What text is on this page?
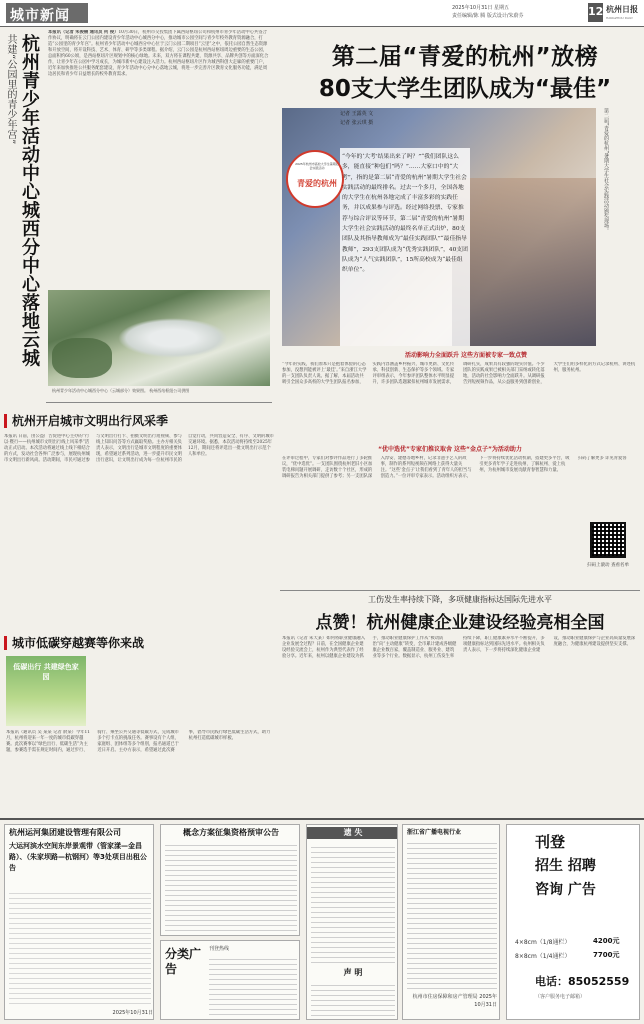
城市新闻	2025年10月31日 星期五
责任编辑/陈 腾 版式设计/朱蔚芬	12 杭州日报
HANGZHOU DAILY
共建“公园里的青少年宫” 杭州青少年活动中心城西分中心落地云城
本报讯（记者 朱俊楠 通讯员 何 俊）10月30日，杭州市交投集团下属西站枢纽公司和杭州市青少年活动中心共签合作协议，明确将在云门公园内建设青少年活动中心城西分中心，推动城市公园空间与青少年校外教育资源融合，打造“公园里的青少年宫”。杭州青少年活动中心城西分中心位于云门公园二期项目“云里”之中，依托公园自然生态资源和开放空间，将开设科技、艺术、体育、研学等多类课程。据介绍，云门公园是杭州西站枢纽周边重要的生态公园，总面积约60公顷，是西站枢纽片区规划中的核心绿地。未来，双方将在课程共建、资源共享、品牌共创等方面深化合作，让青少年在公园中学习成长，为城市新中心建设注入活力。杭州西站枢纽片区作为城西科创大走廊的重要门户，近年来加快推进公共服务配套建设，青少年活动中心分中心落地云城，将进一步完善片区教育文化服务功能，满足周边居民和青少年日益增长的校外教育需求。
杭州青少年活动中心城西分中心（云城部分）效果图。 杭州西站枢纽公司供图
第二届“青爱的杭州”放榜
80支大学生团队成为“最佳”
2025年杭州市高校大学生暑期社会实践活动
青爱的杭州
记者 王露英 文
记者 张云琪 摄
“今年的‘大考’结果出来了吗？”“我们团队这么多，能直接“种包们”吗？”……大家口中的“大考”，指的是第二届“青爱的杭州”暑期大学生社会实践活动的最终排名。过去一个多月，全国各地的大学生在杭州各地完成了丰富多彩的实践任务，并以成果参与评选。经过网络投票、专家推荐与综合评议等环节，第二届“青爱的杭州”暑期大学生社会实践活动的最终名单正式出炉，80支团队及其指导教师成为“最佳实践团队”“最佳指导教师”，293支团队成为“优秀实践团队”，40支团队成为“人气实践团队”，15所高校成为“最佳组织单位”。
第二届“青爱的杭州”暑期大学生社会实践活动颁奖现场。
活动影响力全面跃升 这些方面被专家一致点赞
“今年的实践，我们原本只是抱着体验的心态参加，没想到能被评上‘最佳’。”来自浙江大学的一支团队负责人说。据了解，本届活动共吸引全国众多高校的大学生团队报名参加，实践内容涵盖乡村振兴、城市更新、文化传承、科技创新、生态保护等多个领域。专家评审组表示，今年参评团队整体水平明显提升，许多团队选题紧扣杭州城市发展需求，调研扎实，成果具有较强的现实价值。不少团队的实践成果已被相关部门采纳或转化落地，活动的社会影响力全面跃升。从调研报告到短视频作品，从公益服务到创新创业，大学生们用多样化的方式记录杭州、讲述杭州、服务杭州。
“优中选优”专家们推议取舍 这些“金点子”为活动助力
在评审过程中，专家们对参评作品进行了多轮推议，“优中选优”。一支团队围绕杭州老旧小区加装电梯问题开展调研，走访数十个社区，形成的调研报告为相关部门提供了参考；另一支团队深入淳安、建德等地乡村，记录非遗手艺人的故事，制作的系列短视频在网络上获得大量关注。“这些‘金点子’让我们看到了青年人的担当与创造力。”一位评审专家表示。活动组织方表示，下一步将持续优化活动机制，搭建更多平台，吸引更多青年学子走进杭州、了解杭州、爱上杭州，为杭州城市发展贡献青春智慧和力量。
扫码上滚动 查看名单
扫码了解更多 详见青爱客
杭州开启城市文明出行风采季
本报讯 日前，由公益广告促进中心主办的“行以·暨行——杭州城市文明出行线上风采季”活动正式启动。本次活动将通过线上线下相结合的方式，发动社会各界广泛参与，展现杭州城市文明出行新风尚。活动期间，市民可通过参与文明出行打卡、拍摄文明出行短视频、参与线上知识问答等方式赢取奖励。主办方相关负责人表示，文明出行是城市文明程度的重要体现，希望通过系列活动，进一步提升市民文明出行意识，让文明出行成为每一位杭州市民的自觉行动，共同营造安全、有序、文明的城市交通环境。据悉，本次活动将持续至2025年12月，期间还将评选出一批文明出行示范个人和单位。
城市低碳穿越赛等你来战
低碳出行 共建绿色家园
本报讯（通讯员 吴 某某 记者 俞某）今年11月，杭州将迎来一年一度的城市低碳穿越赛。此次赛事以“绿色出行、低碳生活”为主题，参赛选手需在规定时间内，通过步行、骑行、乘坐公共交通等低碳方式，完成城市多个打卡点的挑战任务。赛事设有个人组、家庭组、团体组等多个组别，报名通道已于近日开启。主办方表示，希望通过此次赛事，倡导市民践行绿色低碳生活方式，助力杭州打造低碳城市样板。
工伤发生率持续下降，多项健康指标达国际先进水平
点赞！杭州健康企业建设经验亮相全国
本报讯（记者 朱天某）如何将职业健康融入企业发展全过程？日前，在全国健康企业建设经验交流会上，杭州作为典型代表作了经验分享。近年来，杭州以健康企业建设为抓手，推动职业健康保护工作从“被动防治”向“主动健康”转变，全市累计建成各级健康企业数百家，覆盖制造业、服务业、建筑业等多个行业。数据显示，杭州工伤发生率持续下降，职工健康素养水平不断提升，多项健康指标达到国际先进水平。杭州相关负责人表示，下一步将持续深化健康企业建设，推动职业健康保护与企业高质量发展深度融合，为健康杭州建设提供坚实支撑。
杭州运河集团建设管理有限公司
大运河滨水空间东岸景观带（管家漾—金昌路）、（朱家坝路—杭钢河）等3处项目出租公告
2025年10月31日
概念方案征集资格预审公告
分类广告
刊登热线
遗 失
声 明
浙江省广播电视行业
杭州市住房保障和房产管理局 2025年10月31日
刊登
招生 招聘
咨询 广告
4×8cm（1/8通栏）	4200元
8×8cm（1/4通栏）	7700元
电话：85052559
（客户服务电子邮箱）
